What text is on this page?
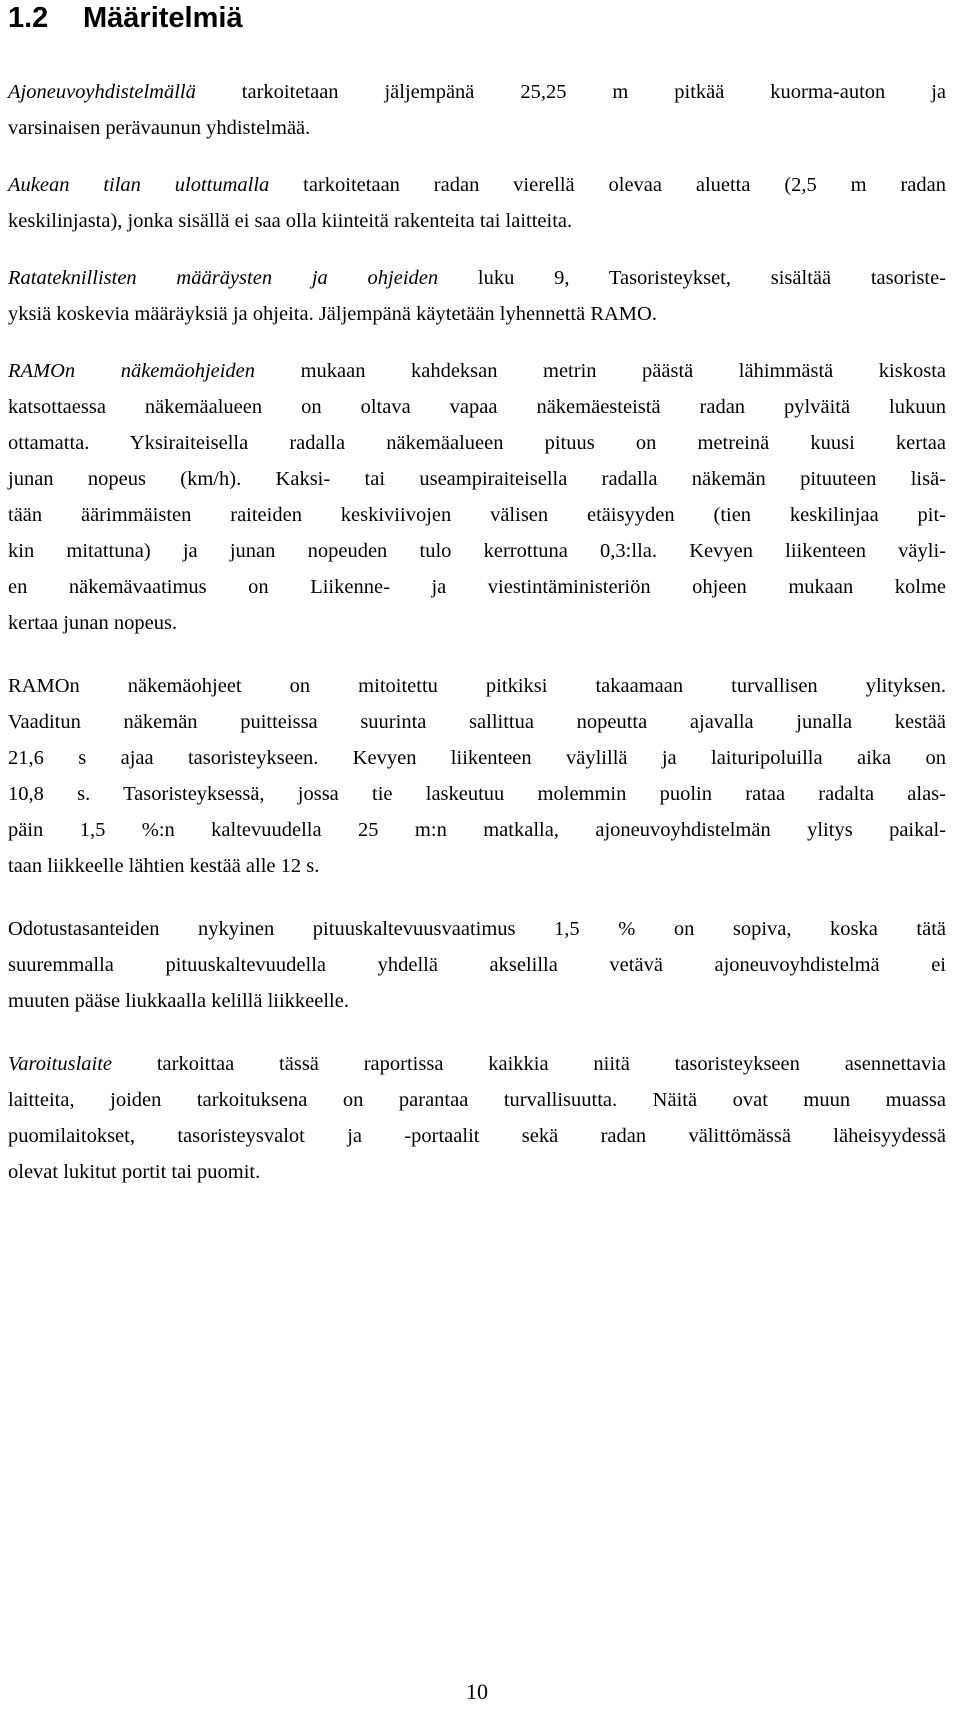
1.2 Määritelmiä

Ajoneuvoyhdistelmällä tarkoitetaan jäljempänä 25,25 m pitkää kuorma-auton ja
varsinaisen perävaunun yhdistelmää.

Aukean tilan ulottumalla tarkoitetaan radan vierellä olevaa aluetta (2,5 m radan
keskilinjasta), jonka sisällä ei saa olla kiinteitä rakenteita tai laitteita.

Ratateknillisten määräysten ja ohjeiden luku 9, Tasoristeykset, sisältää tasoriste-
yksiä koskevia määräyksiä ja ohjeita. Jäljempänä käytetään lyhennettä RAMO.

RAMOn näkemäohjeiden mukaan kahdeksan metrin päästä lähimmästä kiskosta
katsottaessa näkemäalueen on oltava vapaa näkemäesteistä radan pylväitä lukuun
ottamatta. Yksiraiteisella radalla näkemäalueen pituus on metreinä kuusi kertaa
junan nopeus (km/h). Kaksi- tai useampiraiteisella radalla näkemän pituuteen lisä-
tään äärimmäisten raiteiden keskiviivojen välisen etäisyyden (tien keskilinjaa pit-
kin mitattuna) ja junan nopeuden tulo kerrottuna 0,3:lla. Kevyen liikenteen väyli-
en näkemävaatimus on Liikenne- ja viestintäministeriön ohjeen mukaan kolme
kertaa junan nopeus.

RAMOn näkemäohjeet on mitoitettu pitkiksi takaamaan turvallisen ylityksen.
Vaaditun näkemän puitteissa suurinta sallittua nopeutta ajavalla junalla kestää
21,6 s ajaa tasoristeykseen. Kevyen liikenteen väylillä ja laituripoluilla aika on
10,8 s. Tasoristeyksessä, jossa tie laskeutuu molemmin puolin rataa radalta alas-
päin 1,5 %:n kaltevuudella 25 m:n matkalla, ajoneuvoyhdistelmän ylitys paikal-
taan liikkeelle lähtien kestää alle 12 s.

Odotustasanteiden nykyinen pituuskaltevuusvaatimus 1,5 % on sopiva, koska tätä
suuremmalla pituuskaltevuudella yhdellä akselilla vetävä ajoneuvoyhdistelmä ei
muuten pääse liukkaalla kelillä liikkeelle.

Varoituslaite tarkoittaa tässä raportissa kaikkia niitä tasoristeykseen asennettavia
laitteita, joiden tarkoituksena on parantaa turvallisuutta. Näitä ovat muun muassa
puomilaitokset, tasoristeysvalot ja -portaalit sekä radan välittömässä läheisyydessä
olevat lukitut portit tai puomit.

10
